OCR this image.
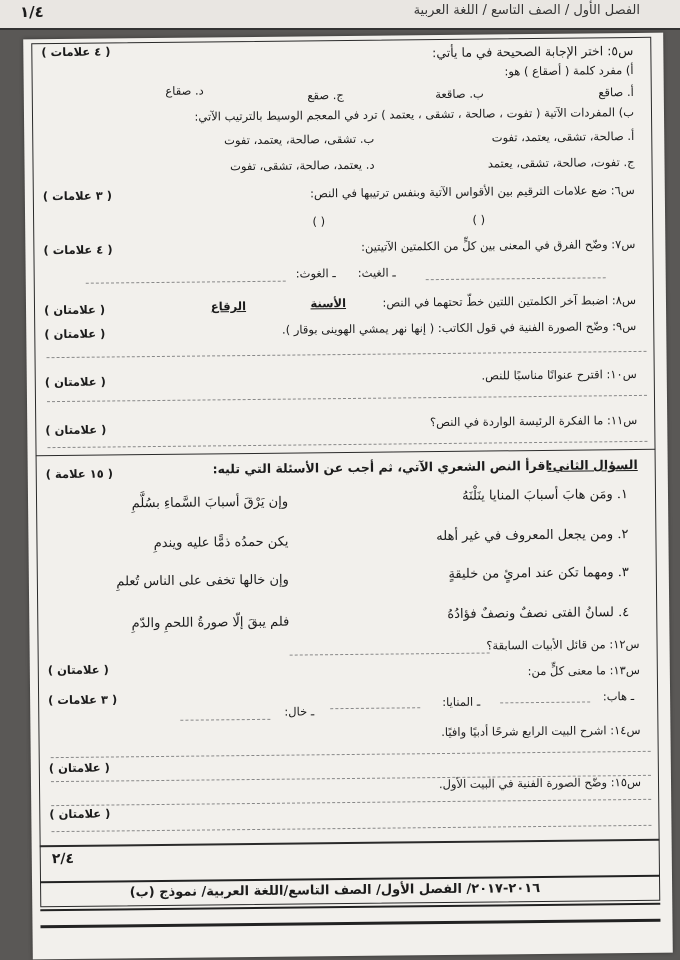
الفصل الأول / الصف التاسع / اللغة العربية
١/٤
( ٤ علامات )	س٥: اختر الإجابة الصحيحة في ما يأتي:
أ) مفرد كلمة ( أصقاع ) هو:
أ. صاقع
ب. صاقعة
ج. صقع
د. صقاع
ب) المفردات الآتية ( تفوت ، صالحة ، تشقى ، يعتمد ) ترد في المعجم الوسيط بالترتيب الآتي:
أ. صالحة، تشقى، يعتمد، تفوت
ب. تشقى، صالحة، يعتمد، تفوت
ج. تفوت، صالحة، تشقى، يعتمد
د. يعتمد، صالحة، تشقى، تفوت
( ٣ علامات )	س٦: ضع علامات الترقيم بين الأقواس الآتية وبنفس ترتيبها في النص:
( )
( )
( ٤ علامات )	س٧: وضّح الفرق في المعنى بين كلٍّ من الكلمتين الآتيتين:
ـ الغيث:
ـ الغوث:
( علامتان )
س٨: اضبط آخر الكلمتين اللتين خطّ تحتهما في النص:
الأسنة
الرقاع
( علامتان )	س٩: وضّح الصورة الفنية في قول الكاتب: ( إنها نهر يمشي الهوينى بوقار ).
( علامتان )	س١٠: اقترح عنوانًا مناسبًا للنص.
( علامتان )
س١١: ما الفكرة الرئيسة الواردة في النص؟
( ١٥ علامة )
السؤال الثاني:
اقرأ النص الشعري الآتي، ثم أجب عن الأسئلة التي تليه:
١. ومَن هابَ أسبابَ المنايا ينَلْنَهُ
وإن يَرْقَ أسبابَ السَّماءِ بسُلَّمِ
٢. ومن يجعل المعروف في غير أهله
يكن حمدُه ذمًّا عليه ويندمِ
٣. ومهما تكن عند امرئٍ من خليقةٍ
وإن خالها تخفى على الناس تُعلمِ
٤. لسانُ الفتى نصفٌ ونصفٌ فؤادُهُ
فلم يبقَ إلّا صورةُ اللحمِ والدّمِ
( علامتان )
س١٢: من قائل الأبيات السابقة؟
( ٣ علامات )
س١٣: ما معنى كلٍّ من:
ـ هاب:
ـ المنايا:
ـ خال:
( علامتان )
س١٤: اشرح البيت الرابع شرحًا أدبيًا وافيًا.
( علامتان )
س١٥: وضّح الصورة الفنية في البيت الأول.
٢/٤
٢٠١٦-٢٠١٧/ الفصل الأول/ الصف التاسع/اللغة العربية/ نموذج (ب)
